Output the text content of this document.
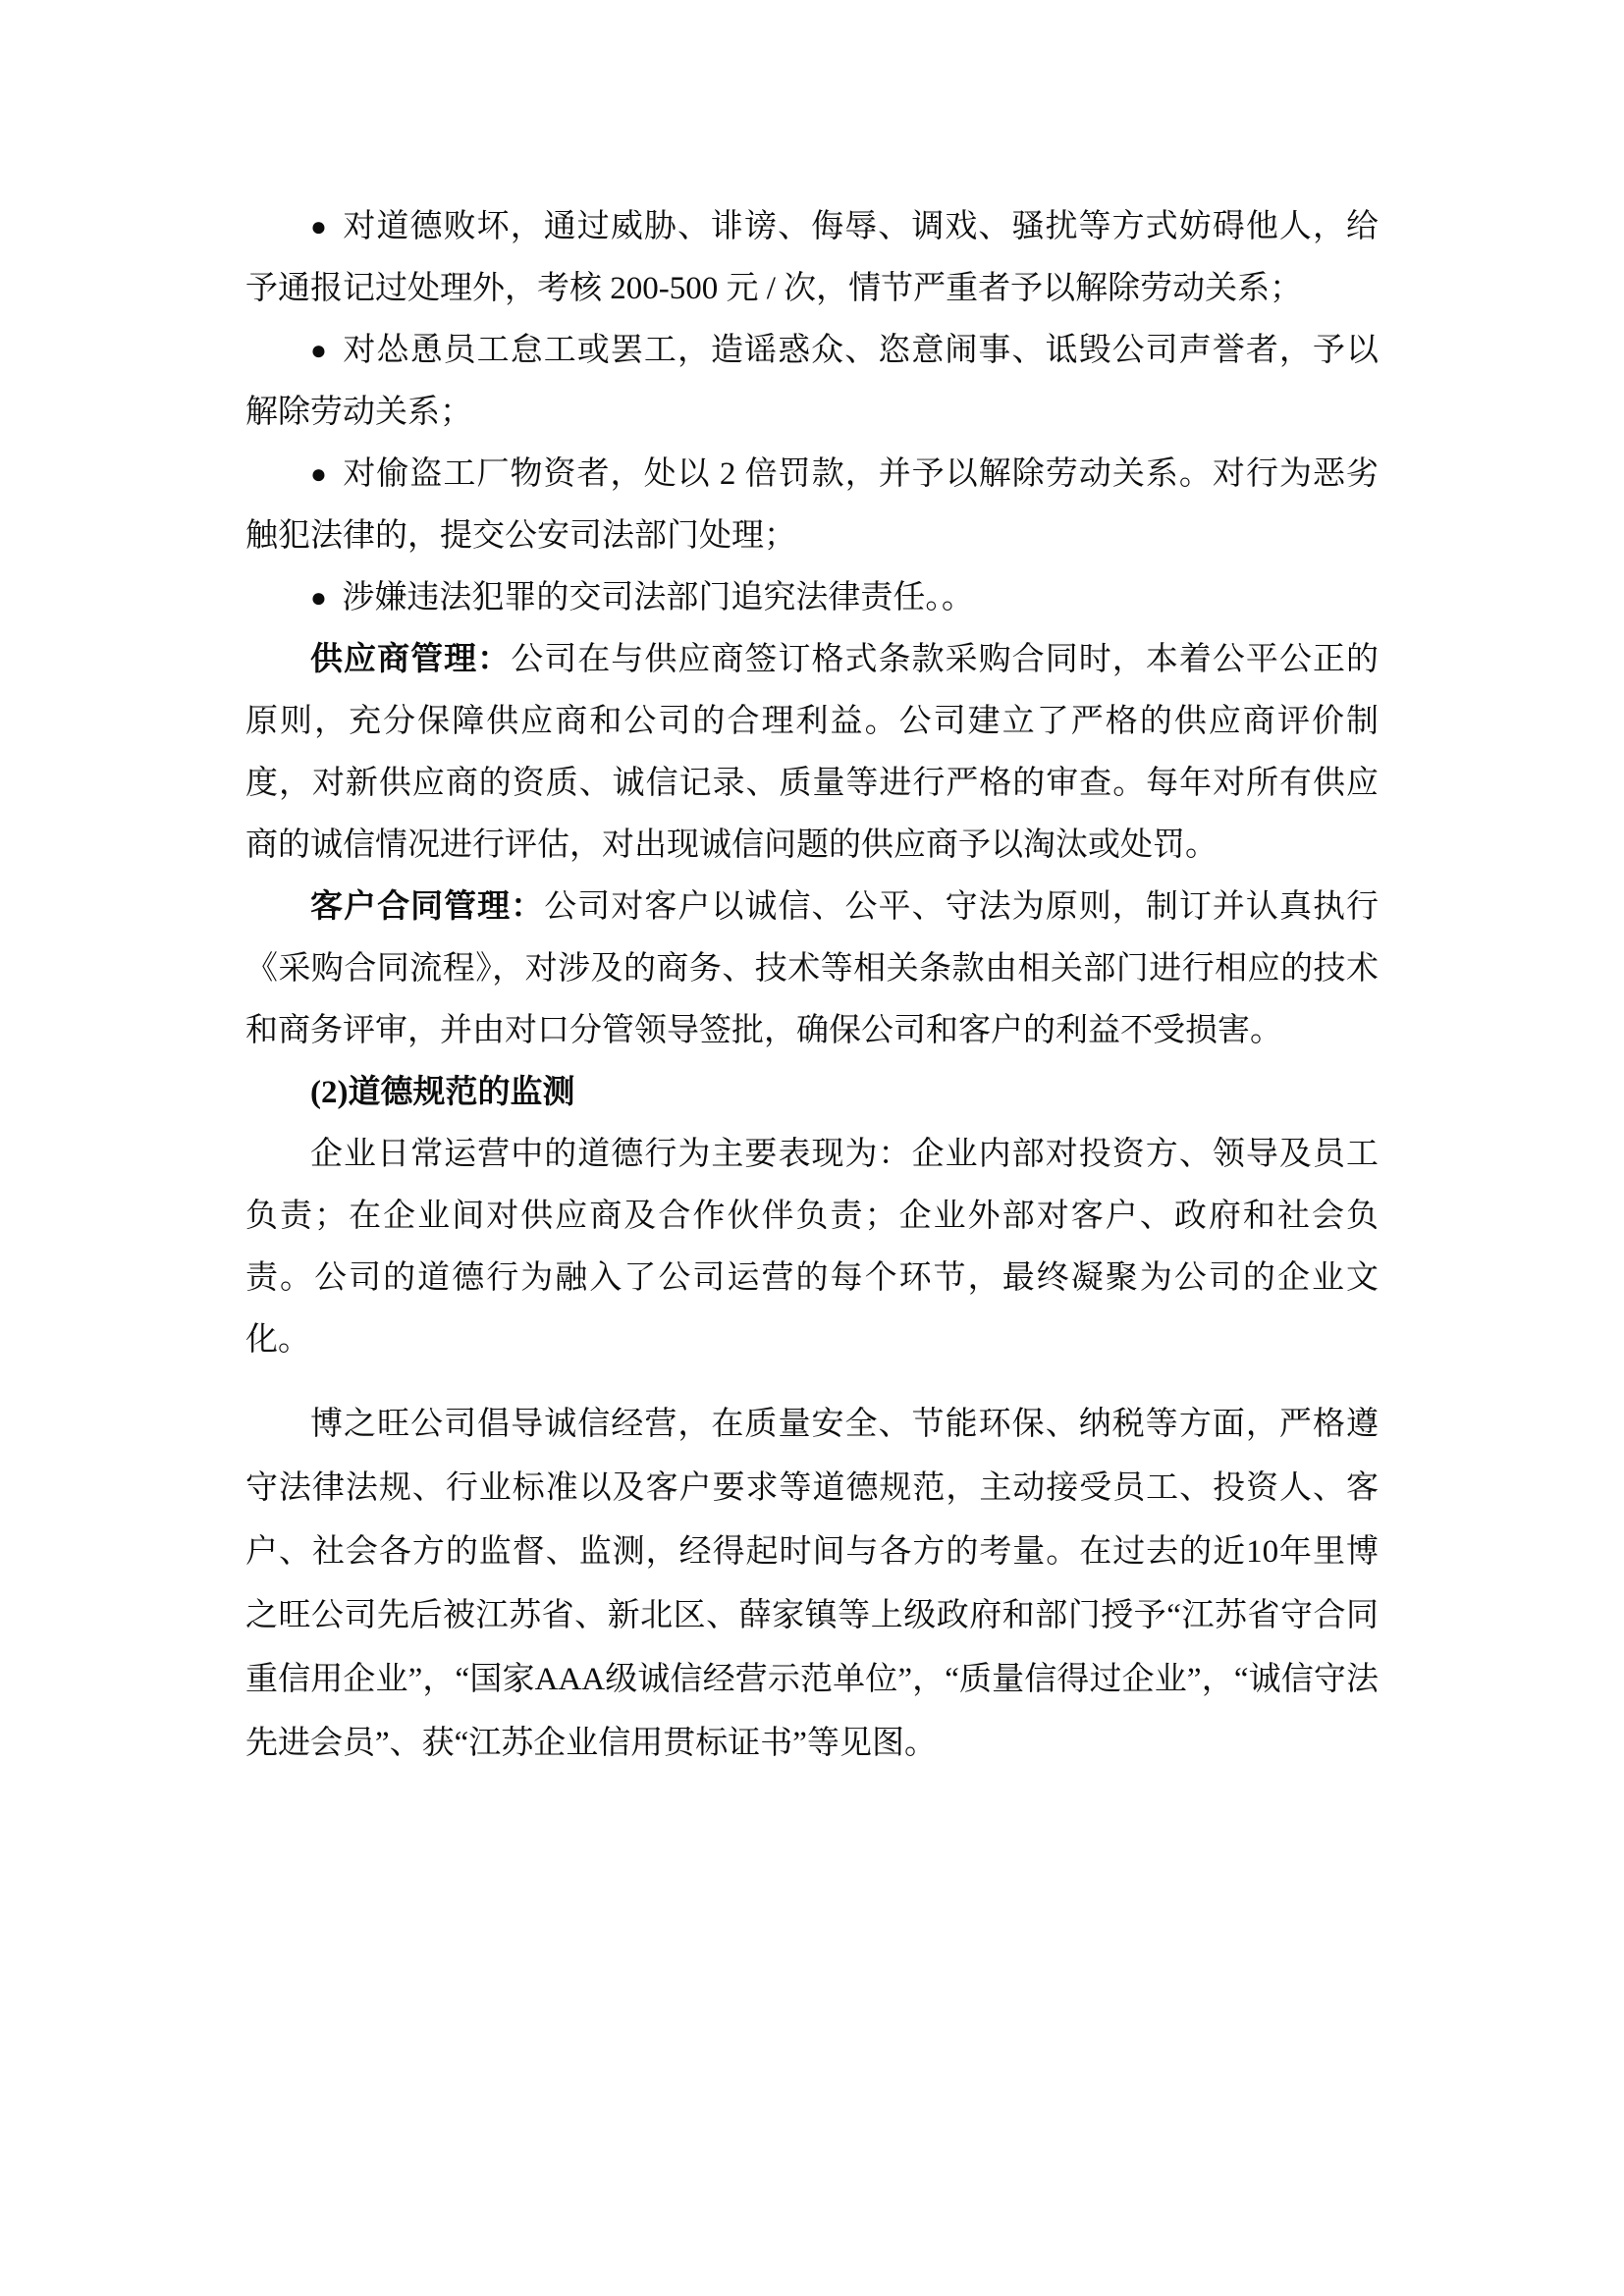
● 对道德败坏，通过威胁、诽谤、侮辱、调戏、骚扰等方式妨碍他人，给予通报记过处理外，考核 200-500 元 / 次，情节严重者予以解除劳动关系；

● 对怂恿员工怠工或罢工，造谣惑众、恣意闹事、诋毁公司声誉者，予以解除劳动关系；

● 对偷盗工厂物资者，处以 2 倍罚款，并予以解除劳动关系。对行为恶劣触犯法律的，提交公安司法部门处理；

● 涉嫌违法犯罪的交司法部门追究法律责任。。

供应商管理：公司在与供应商签订格式条款采购合同时，本着公平公正的原则，充分保障供应商和公司的合理利益。公司建立了严格的供应商评价制度，对新供应商的资质、诚信记录、质量等进行严格的审查。每年对所有供应商的诚信情况进行评估，对出现诚信问题的供应商予以淘汰或处罚。

客户合同管理：公司对客户以诚信、公平、守法为原则，制订并认真执行《采购合同流程》，对涉及的商务、技术等相关条款由相关部门进行相应的技术和商务评审，并由对口分管领导签批，确保公司和客户的利益不受损害。

(2)道德规范的监测

企业日常运营中的道德行为主要表现为：企业内部对投资方、领导及员工负责；在企业间对供应商及合作伙伴负责；企业外部对客户、政府和社会负责。公司的道德行为融入了公司运营的每个环节，最终凝聚为公司的企业文化。

博之旺公司倡导诚信经营，在质量安全、节能环保、纳税等方面，严格遵守法律法规、行业标准以及客户要求等道德规范，主动接受员工、投资人、客户、社会各方的监督、监测，经得起时间与各方的考量。在过去的近10年里博之旺公司先后被江苏省、新北区、薛家镇等上级政府和部门授予“江苏省守合同重信用企业”，“国家AAA级诚信经营示范单位”，“质量信得过企业”，“诚信守法先进会员”、获“江苏企业信用贯标证书”等见图。
